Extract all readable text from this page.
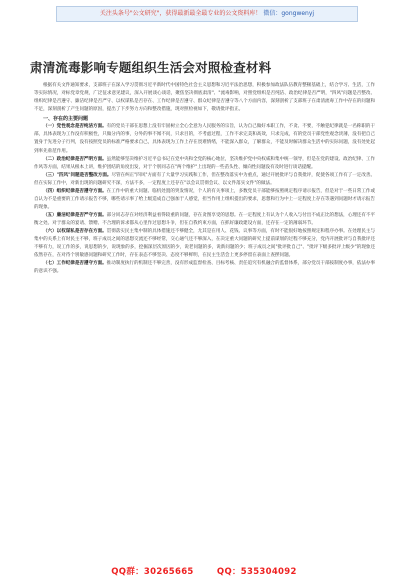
关注头条号"公文研究"，获得最新最全最专业的公文资料库！ 微信：gongwenyj
肃清流毒影响专题组织生活会对照检查材料

根据有关文件通知要求，支部班子在深入学习贯彻习近平新时代中国特色社会主义思想和习近平法治思想，积极参加政法队伍教育整顿基础上，结合学习、生活，工作等实际情况，对标党章党规，广泛征求意见建议，深入开展谈心谈话，聚焦坚决彻底肃清"、"流毒影响，对照党组织是否纯洁、政治纪律是否严明，"四风"问题是否整改、组织纪律是否遵守、廉洁纪律是否严守、以权谋私是否存在、工作纪律是否遵守、群众纪律是否遵守等八个方面内容，深刻剖析了支部班子在肃清流毒工作中存在的问题和不足，深刻剖析了产生问题的原因，提出了下步努力方向和整改措施，现对照检视如下，敬请批评指正。

一、存在的主要问题

（一）党性观念是否纯洁方面。有的党员干部在思想上没有牢固树立全心全意为人民服务的宗旨，认为自己做好本职工作，不贪、不要，不触犯纪律就是一名称职的干部，具体表现为工作没有积极性，只做分内的事，分外的事不闻不问，只求目的，不考虑过程，工作不求完美和高效，只求完成，有的党员干部党性观念淡薄，没有把自己置身于先进分子行列，没有按照党员的标准严格要求自己，具体表现为工作上存在畏难情绪，不能深入群众，了解群众，不能及时解决群众生活中的实际问题，没有处处起到率先垂范作用。

（二）政治纪律是否严明方面。虽然能够坚决维护习近平总书记在党中央和全党的核心地位，坚决维护党中央权威和集中统一领导，但是在党的建设、政治纪律、工作作风等方面，结果从根本上讲，维护团结的角度出发，对于个别同志在"两个维护"上出现的一些苗头性、倾向性问题没有及时进行谈话提醒。

（三）"四风"问题是否整改方面。尽管在纠正"四风"方面有了大量学习实践和工作，但在整改落实中为重点，通过开展批评与自我批评，促使各项工作有了一定改善。但在实际工作中，对新出现的问题研究不深，方法不多，一定程度上还存在"以会议贯彻会议、以文件落实文件"的做法。

（四）组织纪律是否遵守方面。在工作中的重大问题、临机处置的突发情况，个人的有关事项上，多数党员干部能够按照规定程序请示报告，但是对于一些日常工作或自认为不是重要的工作请示报告不够，哪些请示事了给上级造成自己强加于人感觉，担当作用上组织提出的要求，思想和行为中上一定程度上存在等遇到问题时才请示报告的现象。

（五）廉洁纪律是否严守方面。部分同志存在对经济利益看得较重的问题，存在贪图享受的思想。在一定程度上有认为个人收入与付出不成正比的想法，心理还有不平衡之处。对于群众的宴请、馈赠、不合理的诉求都从心里作过思想斗争，但在自我约束方面，在抓好廉政建设方面，还存在一定的薄弱环节。

（六）以权谋私是否存在方面。贯彻落实民主集中制的具体措施还不够健全，尤其是在用人、花钱、议事等方面，有时不能很好地按照规定和程序办事。在处理民主与集中的关系上有时民主不够，班子成员之间的思想交流还不够经常，交心通气还不够深入，在决定重大问题的研究上提前谋划的过程不够充分，党内开展批评与自我批评还不够有力，说工作的多，说思想的少，说现象的多，挖掘深层次原因的少，说老问题的多，说新问题的少；班子成员之间"批评批自己"、"批评下级多批评上级少"的现象还依然存在，在对待个别敏感问题和研究工作时，存在表态不够坚决、态度不够鲜明，在民主生活会上更多停留在表面上查摆问题。

（七）工作纪律是否遵守方面。推动制度执行的机制还不够完善，没有形成监督检查、目标考核、责任追究有机融合的监督体系，部分党员干部按制度办事，依法办事的意识不强。

QQ群：30265665	QQ：535304092
